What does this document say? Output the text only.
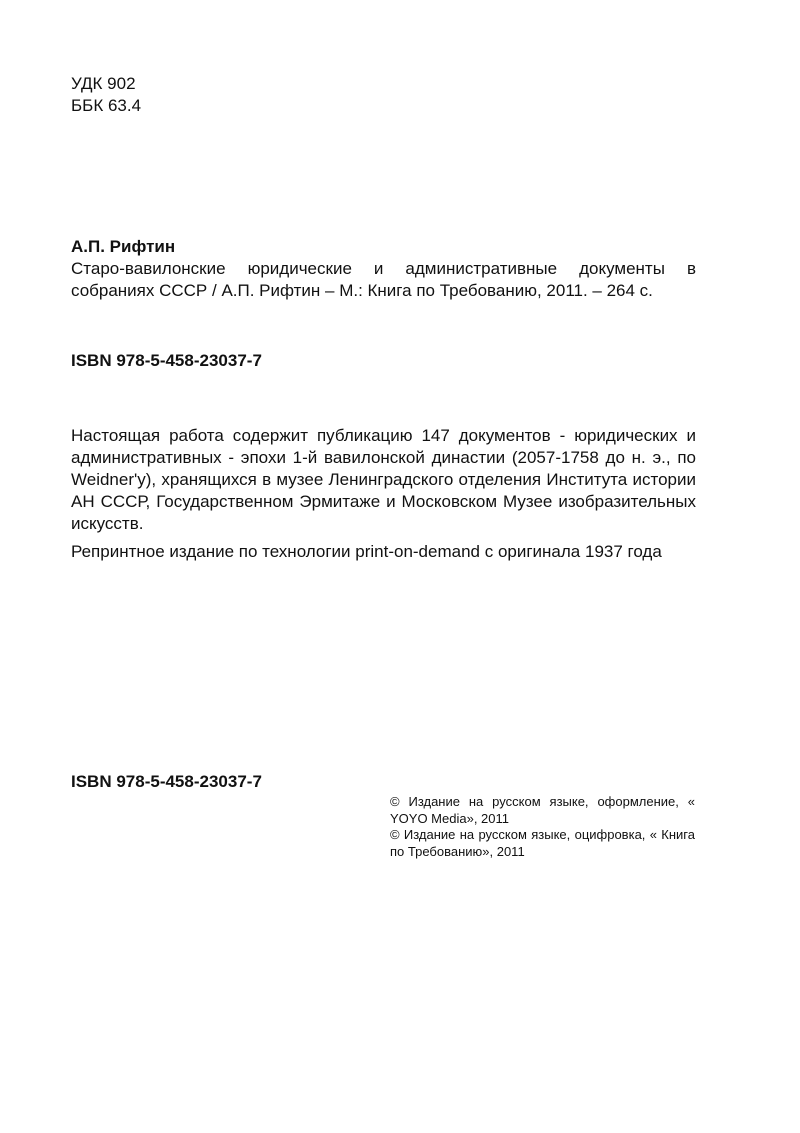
УДК 902
ББК 63.4
А.П. Рифтин
Старо-вавилонские юридические и административные документы в собраниях СССР / А.П. Рифтин – М.: Книга по Требованию, 2011. – 264 с.
ISBN 978-5-458-23037-7
Настоящая работа содержит публикацию 147 документов - юридических и административных - эпохи 1-й вавилонской династии (2057-1758 до н. э., по Weidner'y), хранящихся в музее Ленинградского отделения Института истории АН СССР, Государственном Эрмитаже и Московском Музее изобразительных искусств.
Репринтное издание по технологии print-on-demand с оригинала 1937 года
ISBN 978-5-458-23037-7
© Издание на русском языке, оформление, « YOYO Media», 2011
© Издание на русском языке, оцифровка, « Книга по Требованию», 2011
